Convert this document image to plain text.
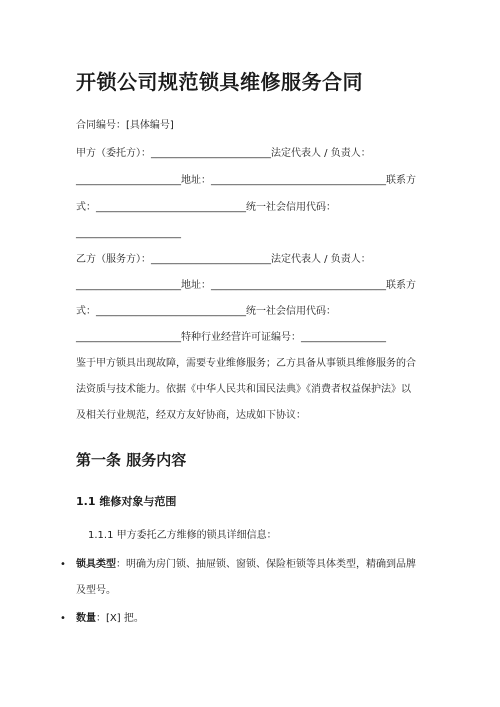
开锁公司规范锁具维修服务合同
合同编号：[具体编号]
甲方（委托方）：________________________法定代表人 / 负责人：
_____________________地址：___________________________________联系方
式：______________________________统一社会信用代码：
_____________________
乙方（服务方）：________________________法定代表人 / 负责人：
_____________________地址：___________________________________联系方
式：______________________________统一社会信用代码：
_____________________特种行业经营许可证编号：_________________
鉴于甲方锁具出现故障，需要专业维修服务；乙方具备从事锁具维修服务的合
法资质与技术能力。依据《中华人民共和国民法典》《消费者权益保护法》以
及相关行业规范，经双方友好协商，达成如下协议：
第一条 服务内容
1.1 维修对象与范围
1.1.1 甲方委托乙方维修的锁具详细信息：
• 锁具类型：明确为房门锁、抽屉锁、窗锁、保险柜锁等具体类型，精确到品牌
及型号。
• 数量：[X] 把。
